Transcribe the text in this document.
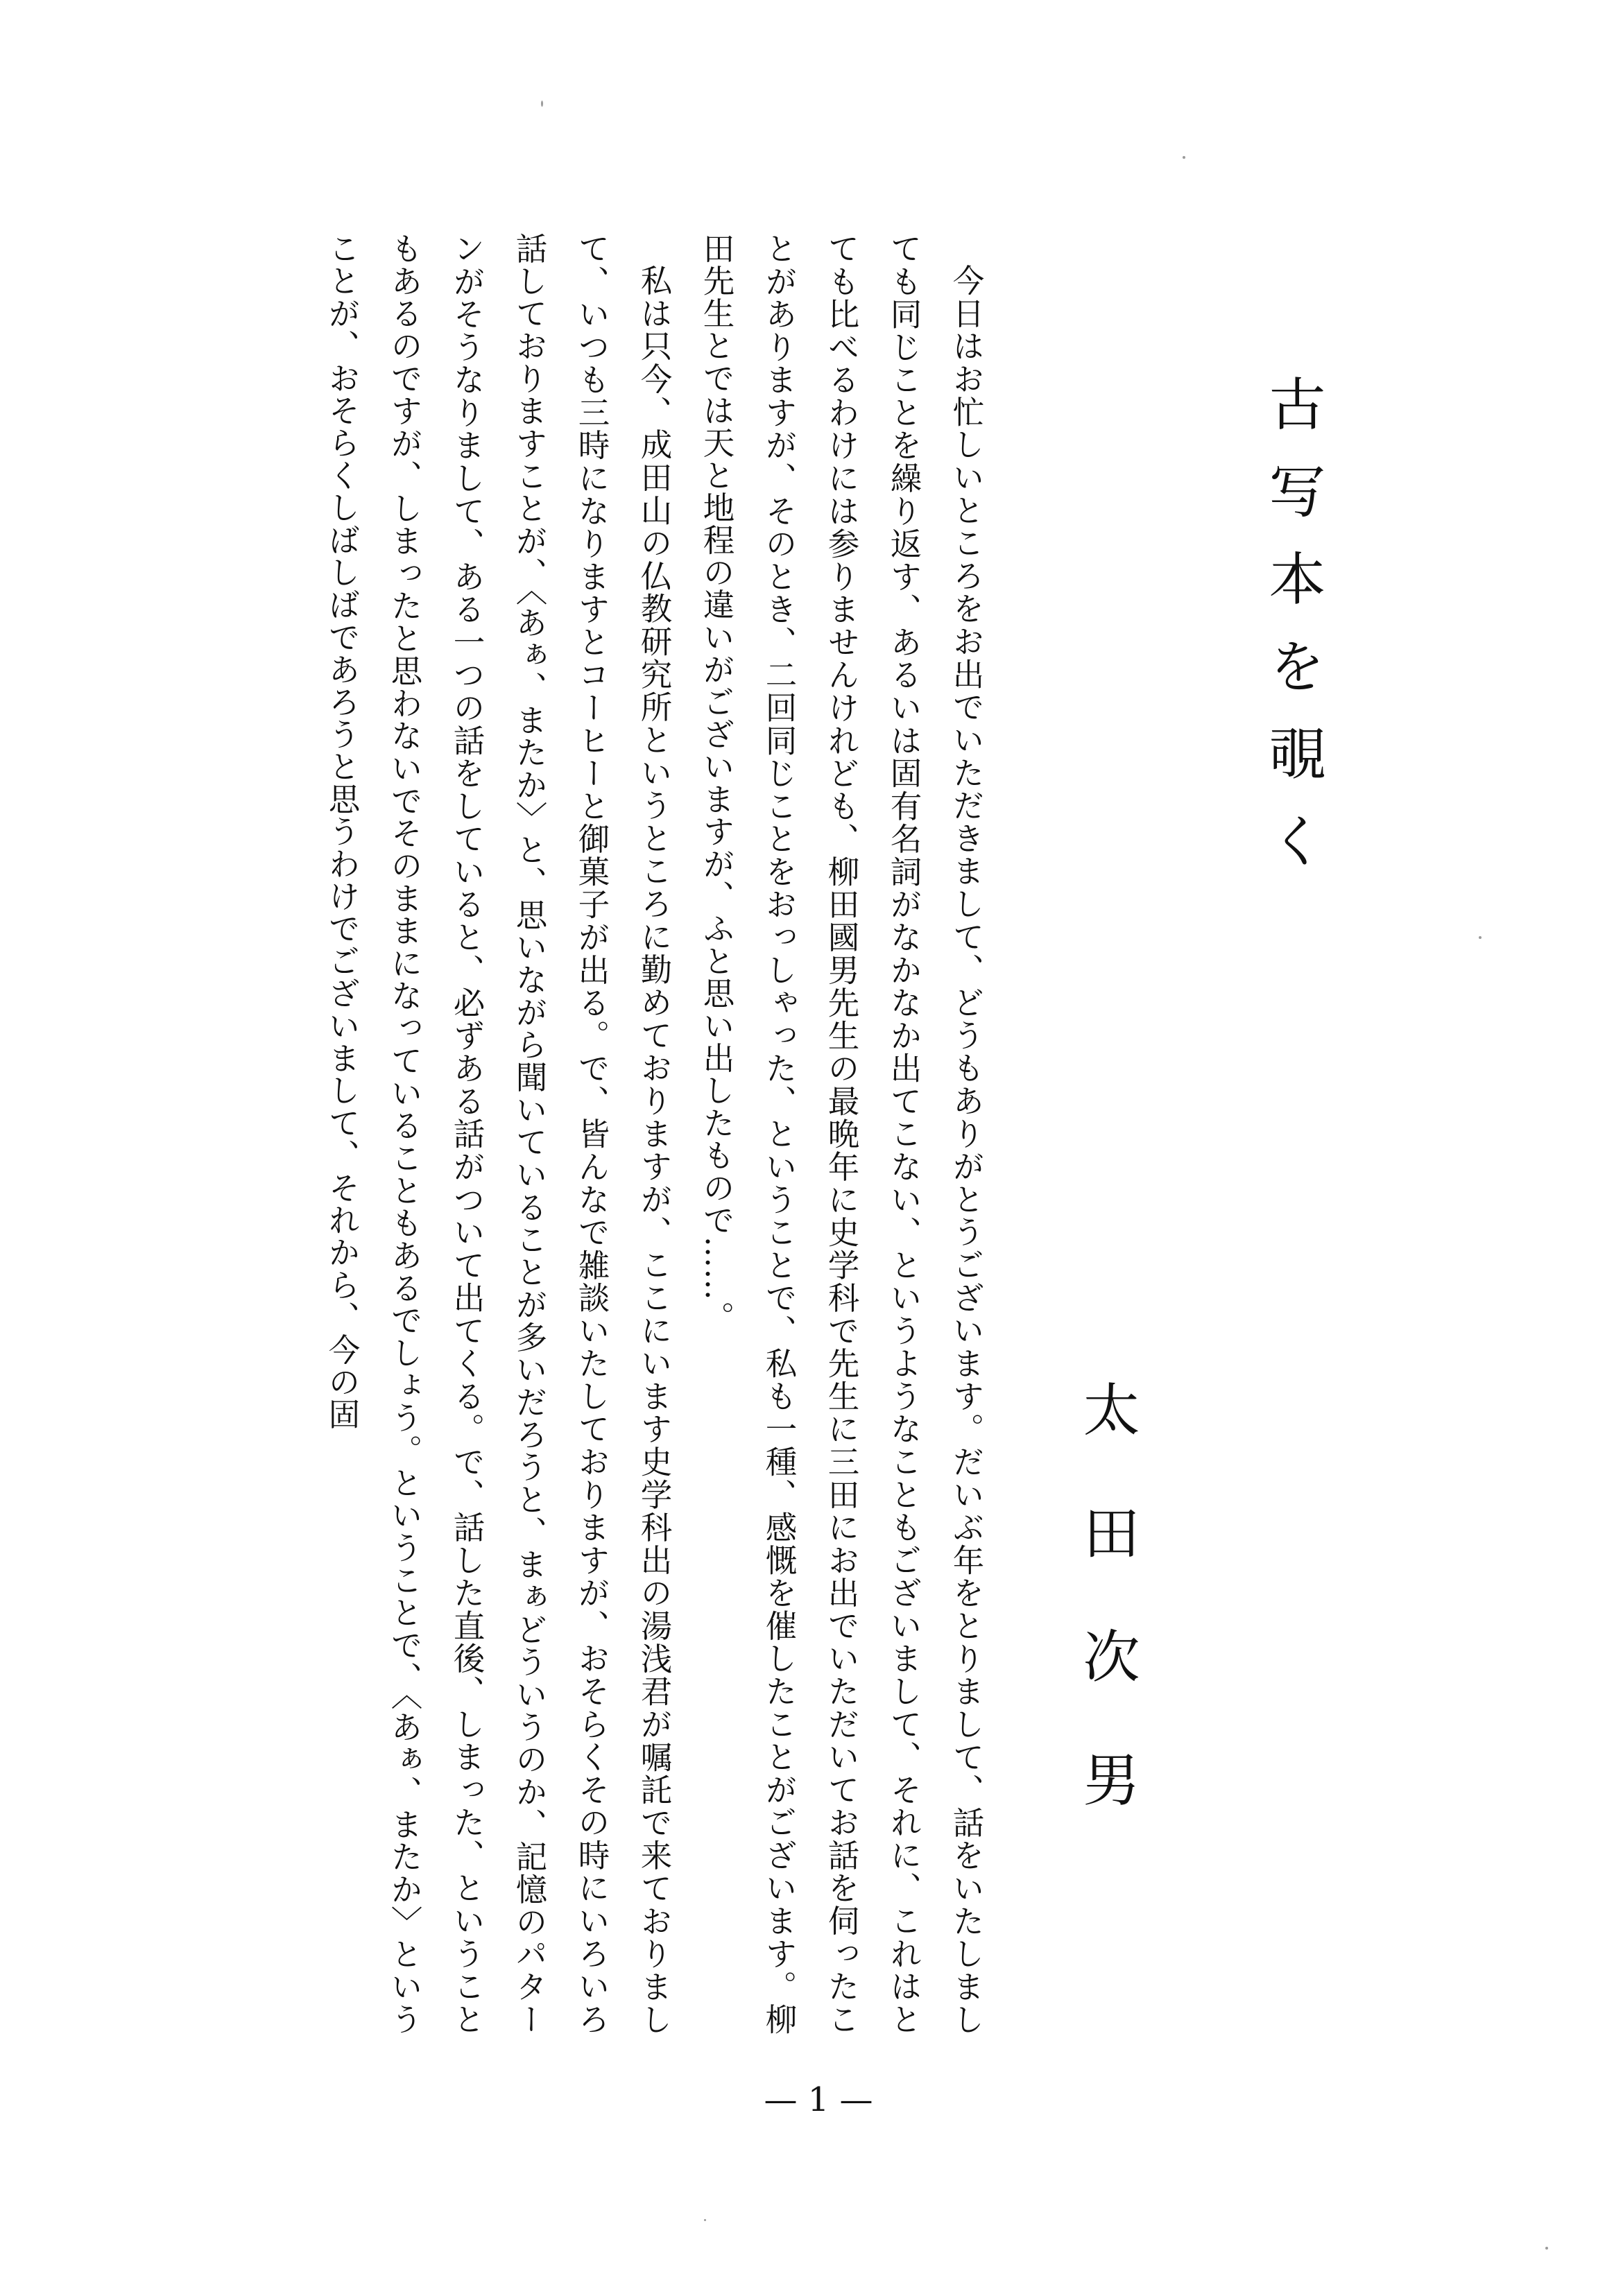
古写本を覗く
太田次男

今日はお忙しいところをお出でいただきまして、どうもありがとうございます。だいぶ年をとりまして、話をいたしましても同じことを繰り返す、あるいは固有名詞がなかなか出てこない、というようなこともございまして、それに、これはとても比べるわけには参りませんけれども、柳田國男先生の最晩年に史学科で先生に三田にお出でいただいてお話を伺ったことがありますが、そのとき、二回同じことをおっしゃった、ということで、私も一種、感慨を催したことがございます。柳田先生とでは天と地程の違いがございますが、ふと思い出したもので……。

私は只今、成田山の仏教研究所というところに勤めておりますが、ここにいます史学科出の湯浅君が嘱託で来ておりまして、いつも三時になりますとコーヒーと御菓子が出る。で、皆んなで雑談いたしておりますが、おそらくその時にいろいろ話しておりますことが、〈あぁ、またか〉と、思いながら聞いていることが多いだろうと、まぁどういうのか、記憶のパターンがそうなりまして、ある一つの話をしていると、必ずある話がついて出てくる。で、話した直後、しまった、ということもあるのですが、しまったと思わないでそのままになっていることもあるでしょう。ということで、〈あぁ、またか〉ということが、おそらくしばしばであろうと思うわけでございまして、それから、今の固

— 1 —
